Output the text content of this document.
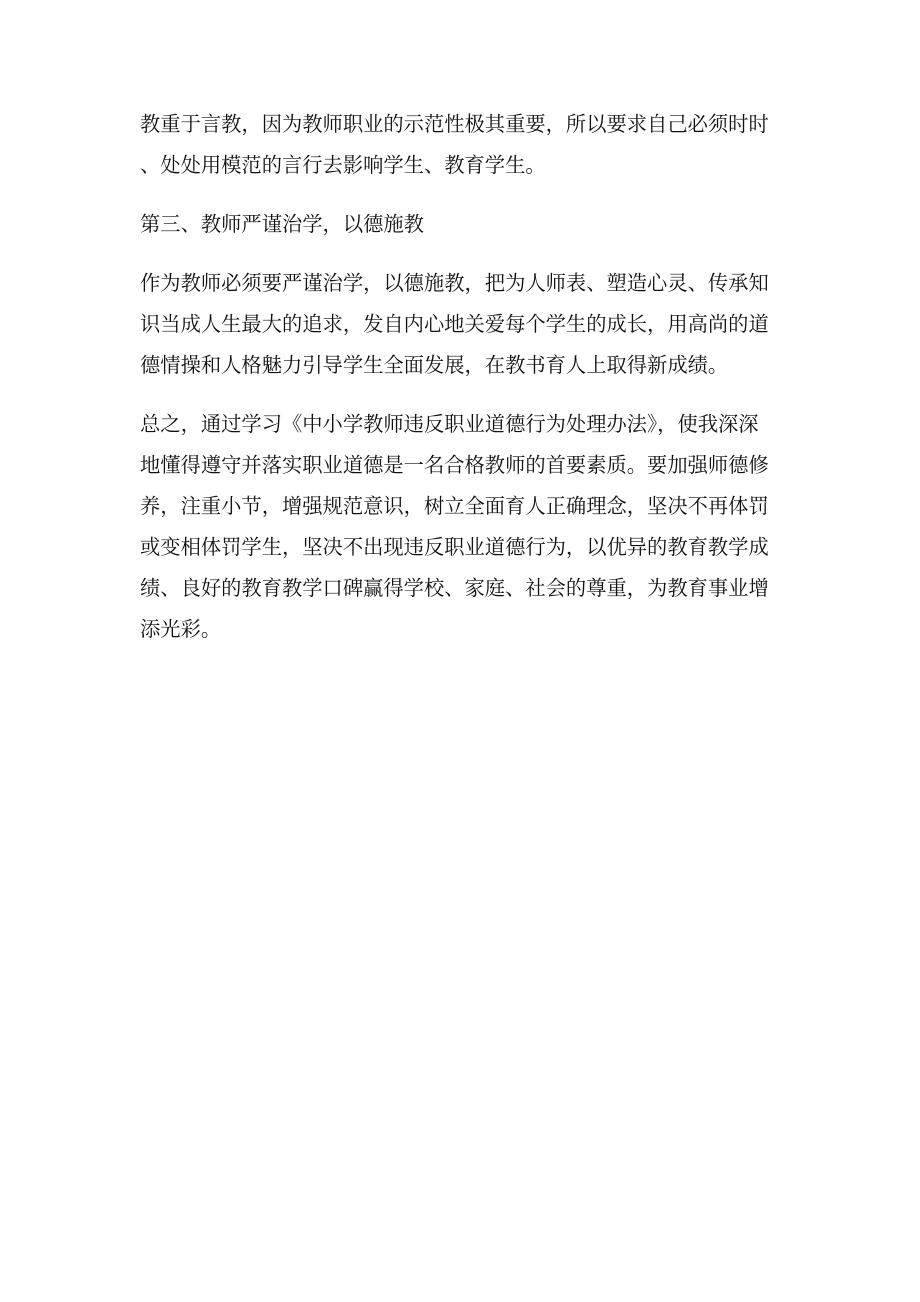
教重于言教，因为教师职业的示范性极其重要，所以要求自己必须时时
、处处用模范的言行去影响学生、教育学生。

第三、教师严谨治学，以德施教

作为教师必须要严谨治学，以德施教，把为人师表、塑造心灵、传承知
识当成人生最大的追求，发自内心地关爱每个学生的成长，用高尚的道
德情操和人格魅力引导学生全面发展，在教书育人上取得新成绩。

总之，通过学习《中小学教师违反职业道德行为处理办法》，使我深深
地懂得遵守并落实职业道德是一名合格教师的首要素质。要加强师德修
养，注重小节，增强规范意识，树立全面育人正确理念，坚决不再体罚
或变相体罚学生，坚决不出现违反职业道德行为，以优异的教育教学成
绩、良好的教育教学口碑赢得学校、家庭、社会的尊重，为教育事业增
添光彩。
